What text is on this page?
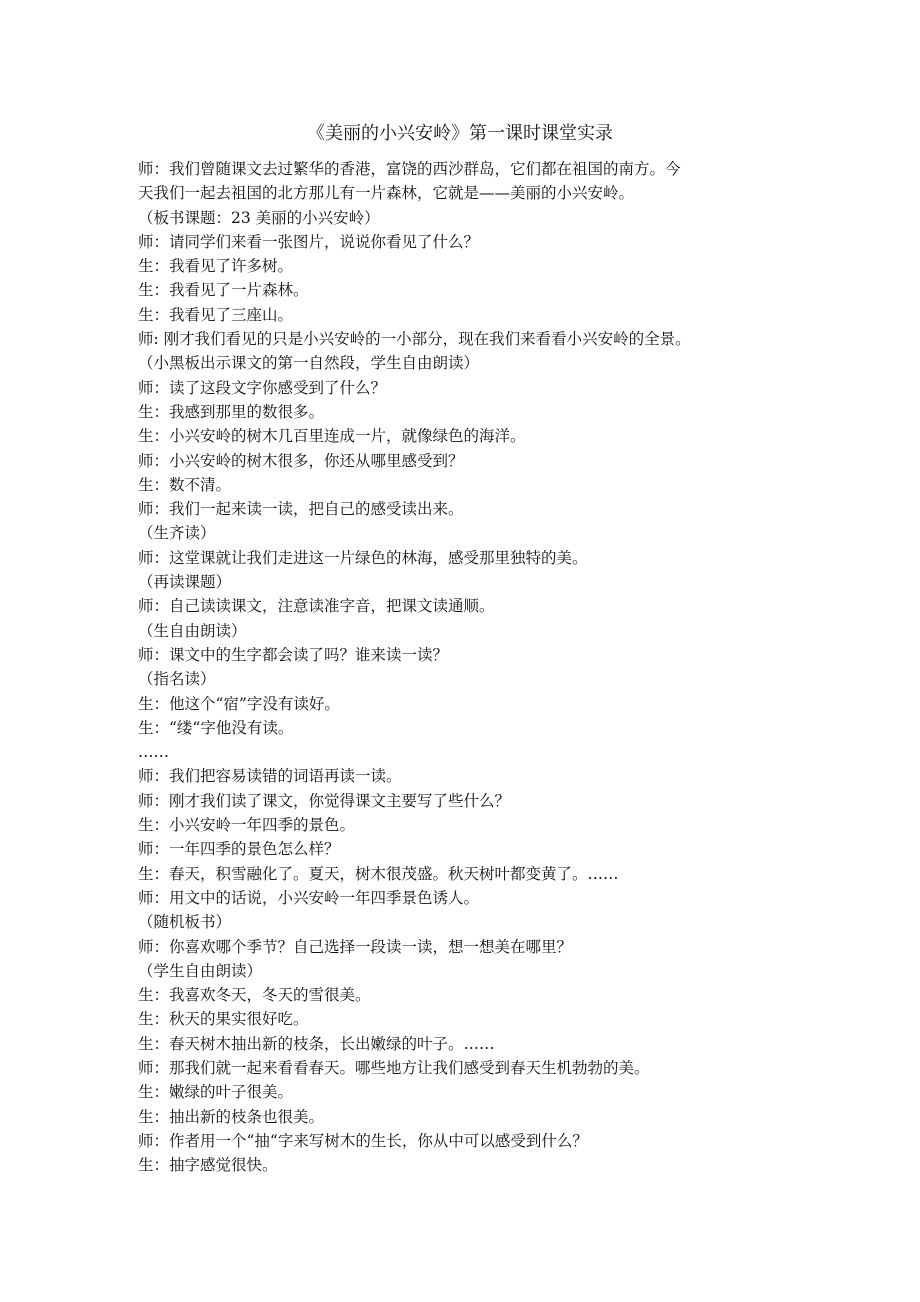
《美丽的小兴安岭》第一课时课堂实录
师：我们曾随课文去过繁华的香港，富饶的西沙群岛，它们都在祖国的南方。今
天我们一起去祖国的北方那儿有一片森林，它就是——美丽的小兴安岭。
（板书课题：23 美丽的小兴安岭）
师：请同学们来看一张图片，说说你看见了什么？
生：我看见了许多树。
生：我看见了一片森林。
生：我看见了三座山。
师: 刚才我们看见的只是小兴安岭的一小部分，现在我们来看看小兴安岭的全景。
（小黑板出示课文的第一自然段，学生自由朗读）
师：读了这段文字你感受到了什么？
生：我感到那里的数很多。
生：小兴安岭的树木几百里连成一片，就像绿色的海洋。
师：小兴安岭的树木很多，你还从哪里感受到？
生：数不清。
师：我们一起来读一读，把自己的感受读出来。
（生齐读）
师：这堂课就让我们走进这一片绿色的林海，感受那里独特的美。
（再读课题）
师：自己读读课文，注意读准字音，把课文读通顺。
（生自由朗读）
师：课文中的生字都会读了吗？谁来读一读？
（指名读）
生：他这个“宿”字没有读好。
生：“缕“字他没有读。
……
师：我们把容易读错的词语再读一读。
师：刚才我们读了课文，你觉得课文主要写了些什么？
生：小兴安岭一年四季的景色。
师：一年四季的景色怎么样？
生：春天，积雪融化了。夏天，树木很茂盛。秋天树叶都变黄了。……
师：用文中的话说，小兴安岭一年四季景色诱人。
（随机板书）
师：你喜欢哪个季节？自己选择一段读一读，想一想美在哪里？
（学生自由朗读）
生：我喜欢冬天，冬天的雪很美。
生：秋天的果实很好吃。
生：春天树木抽出新的枝条，长出嫩绿的叶子。……
师：那我们就一起来看看春天。哪些地方让我们感受到春天生机勃勃的美。
生：嫩绿的叶子很美。
生：抽出新的枝条也很美。
师：作者用一个“抽“字来写树木的生长，你从中可以感受到什么？
生：抽字感觉很快。
